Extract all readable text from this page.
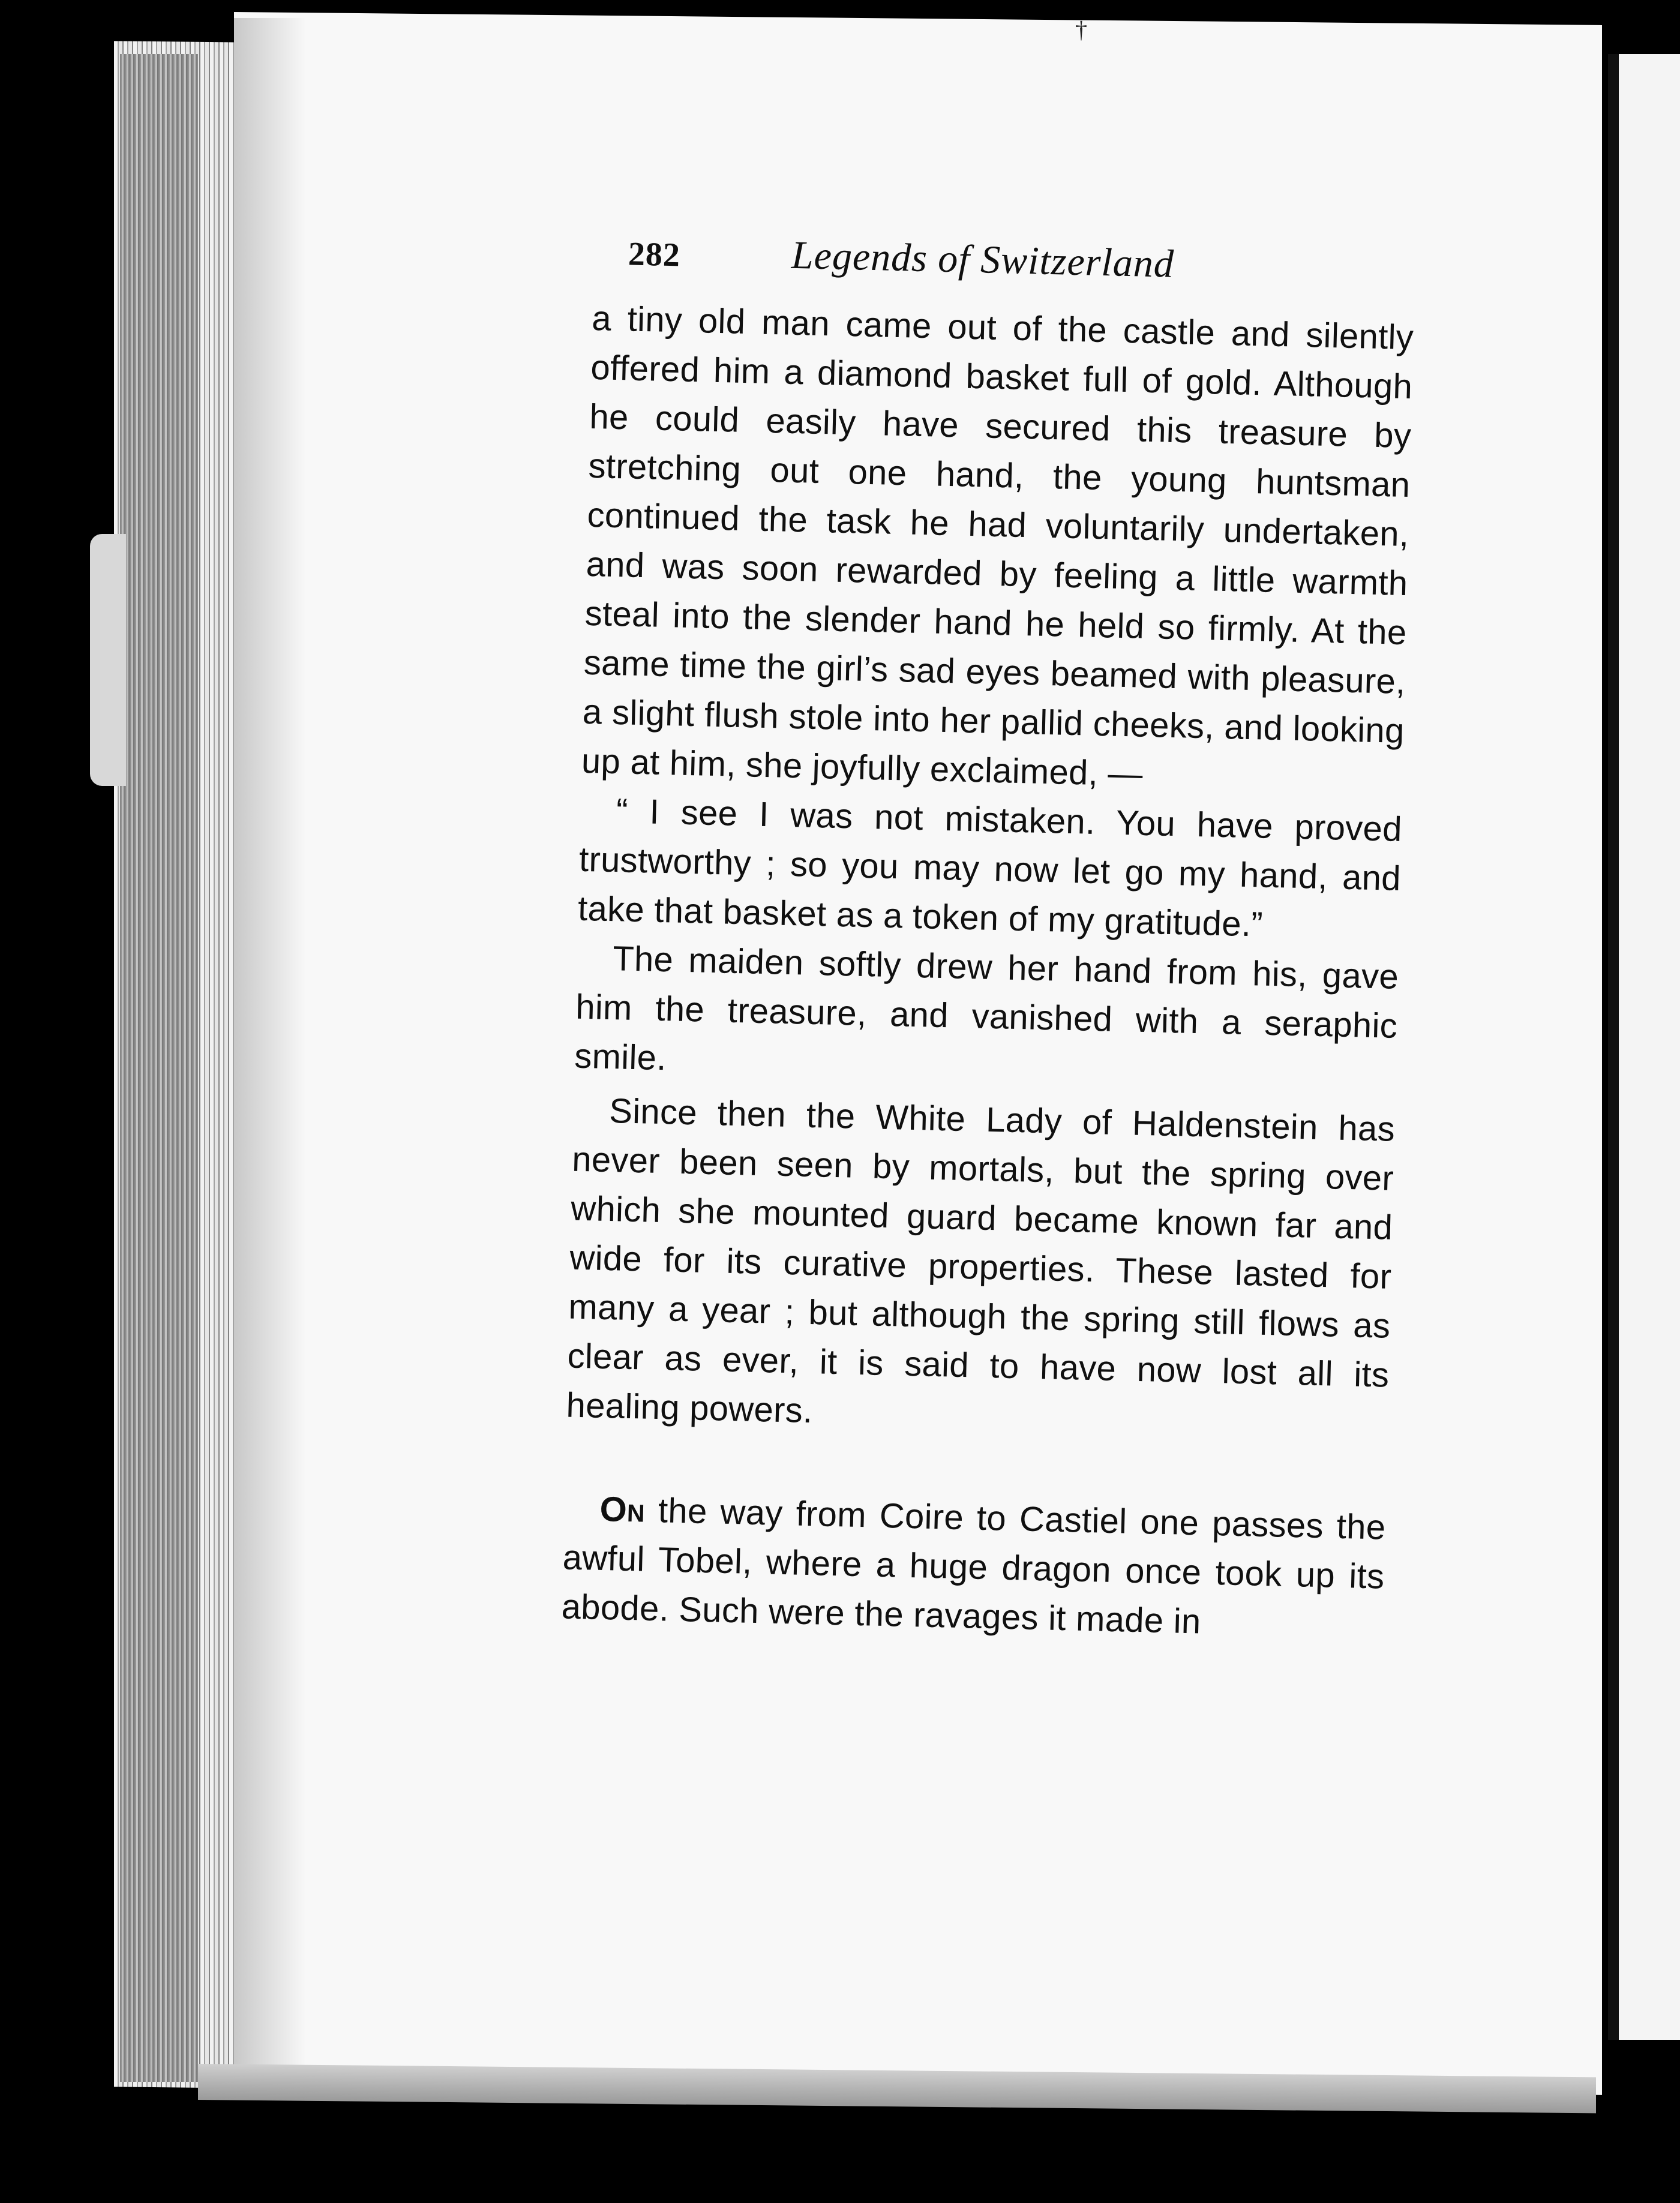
†
282	Legends of Switzerland

a tiny old man came out of the castle and silently offered him a diamond basket full of gold. Although he could easily have secured this treasure by stretching out one hand, the young huntsman continued the task he had voluntarily undertaken, and was soon rewarded by feeling a little warmth steal into the slender hand he held so firmly. At the same time the girl’s sad eyes beamed with pleasure, a slight flush stole into her pallid cheeks, and looking up at him, she joyfully exclaimed, —

“ I see I was not mistaken. You have proved trustworthy ; so you may now let go my hand, and take that basket as a token of my gratitude.”

The maiden softly drew her hand from his, gave him the treasure, and vanished with a seraphic smile.

Since then the White Lady of Haldenstein has never been seen by mortals, but the spring over which she mounted guard became known far and wide for its curative properties. These lasted for many a year ; but although the spring still flows as clear as ever, it is said to have now lost all its healing powers.

On the way from Coire to Castiel one passes the awful Tobel, where a huge dragon once took up its abode. Such were the ravages it made in
